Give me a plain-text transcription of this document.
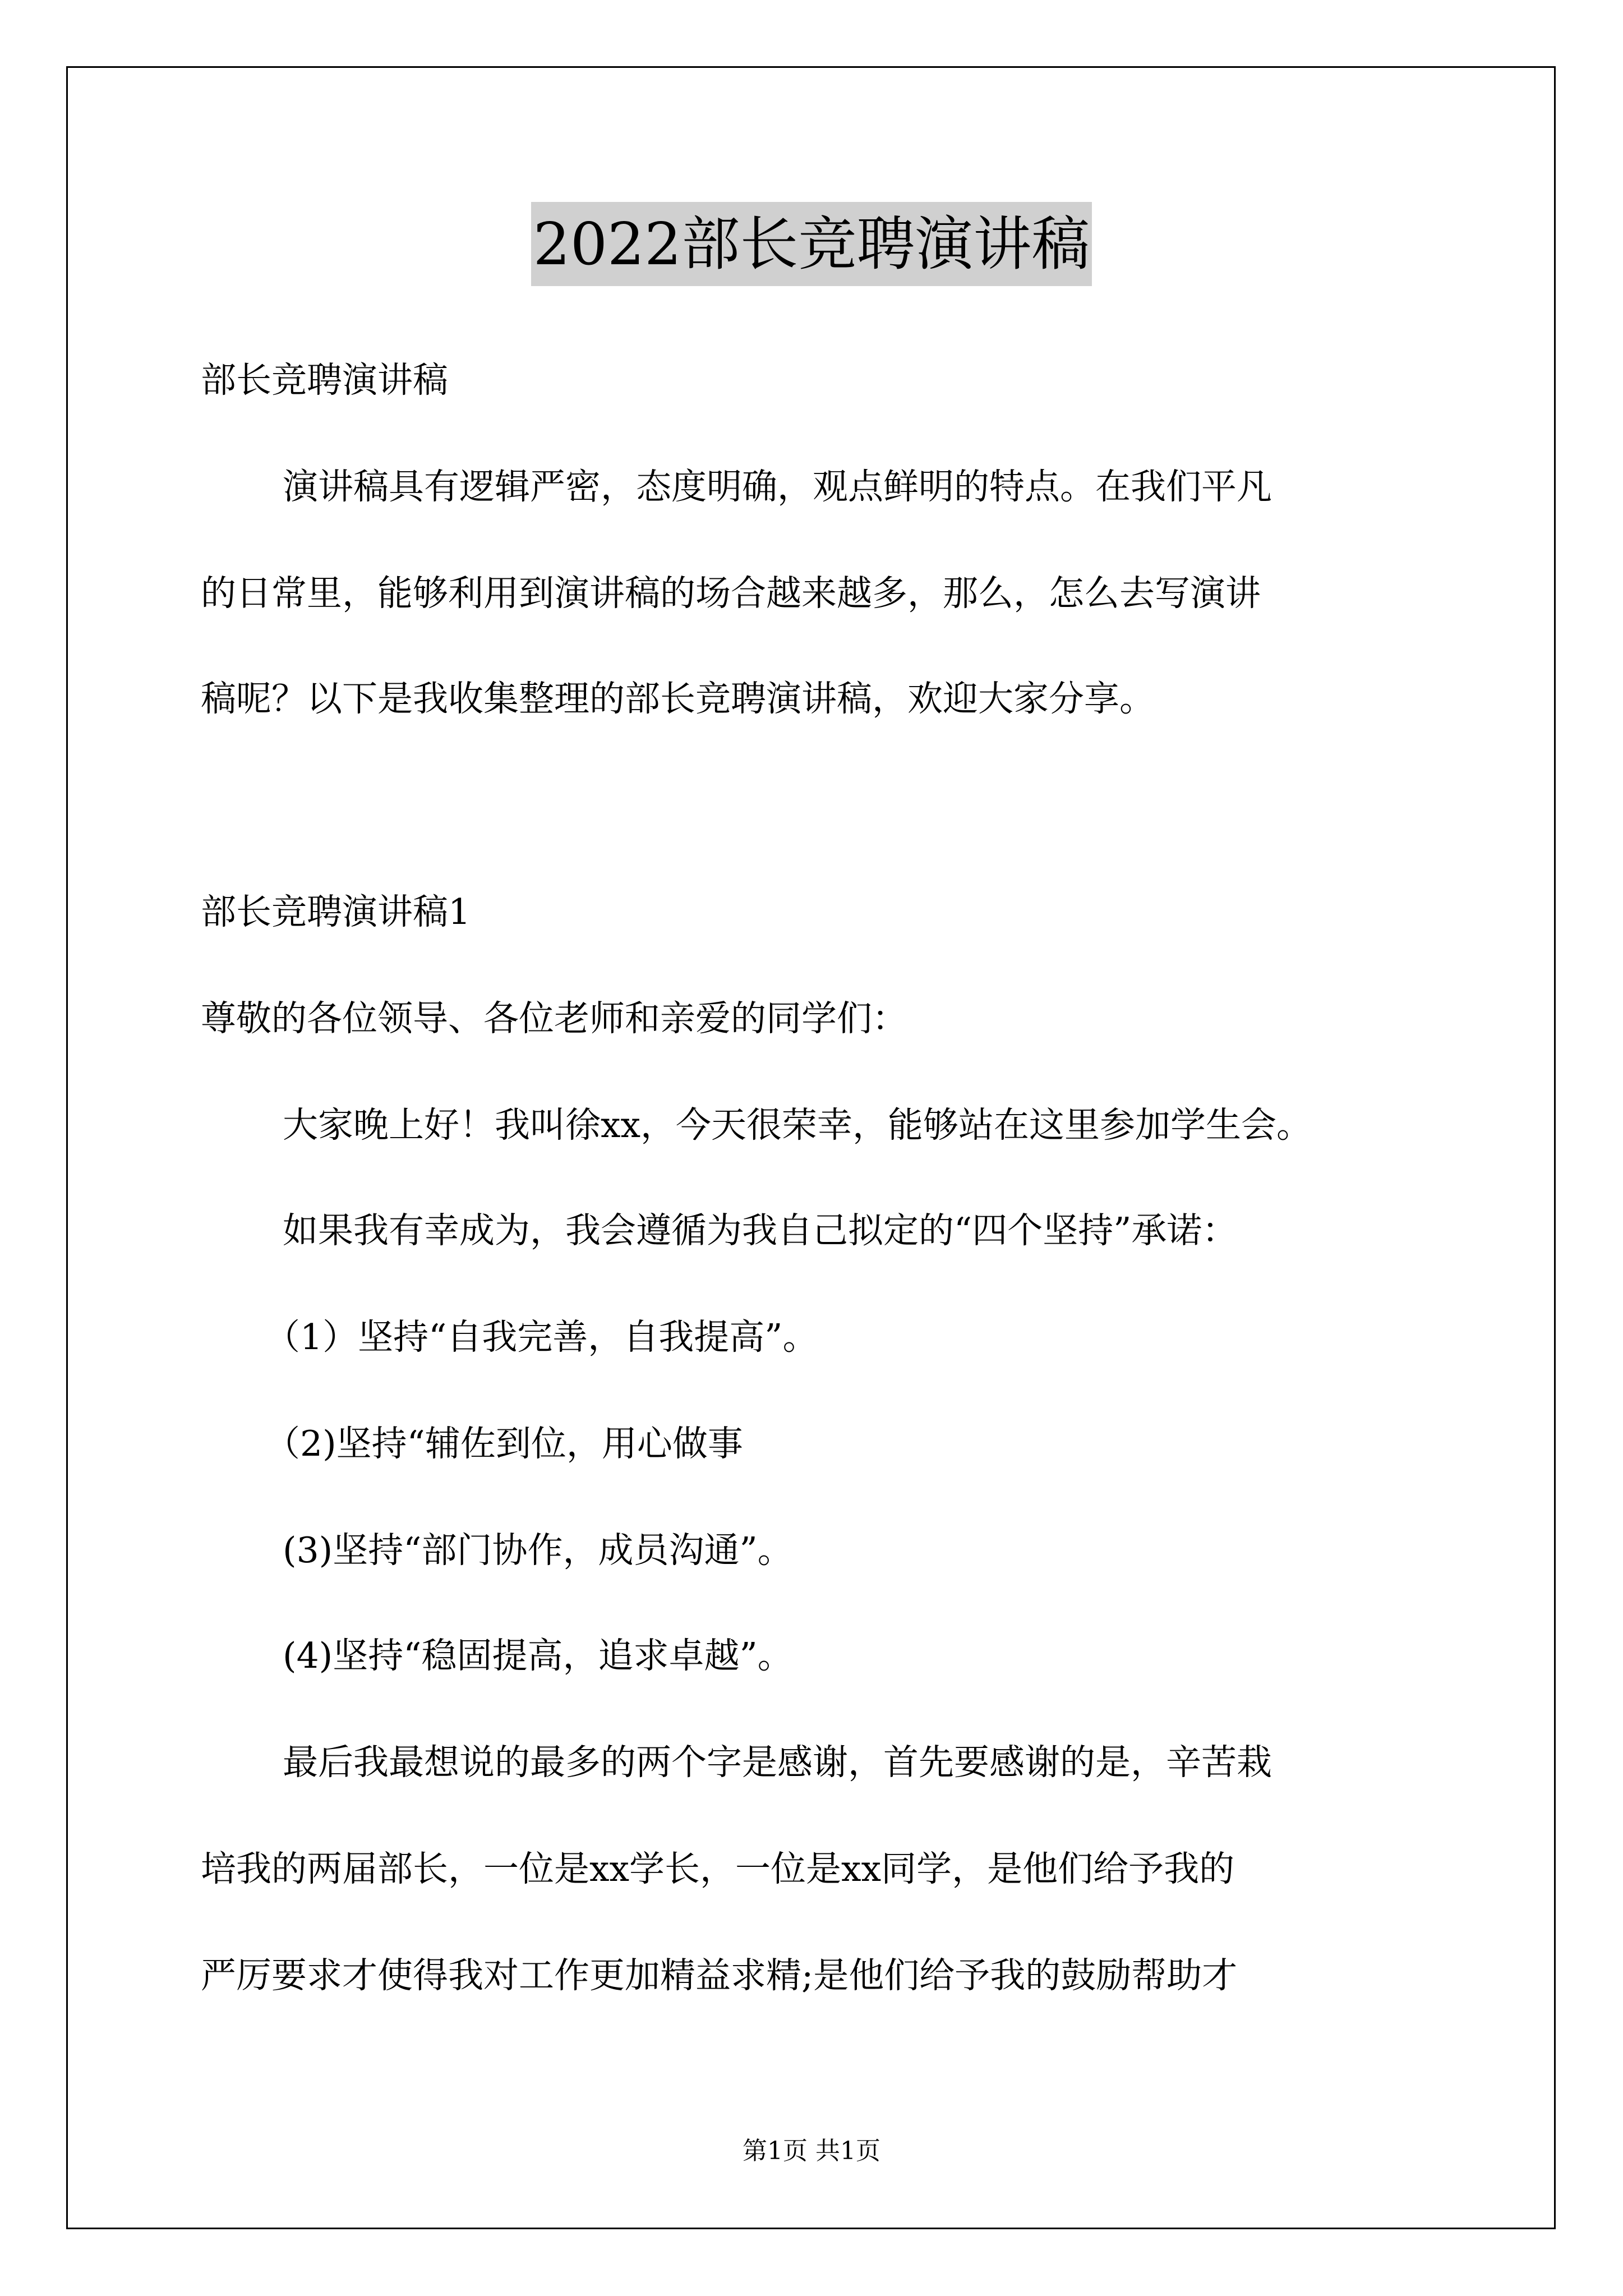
2022部长竞聘演讲稿
部长竞聘演讲稿
演讲稿具有逻辑严密，态度明确，观点鲜明的特点。在我们平凡
的日常里，能够利用到演讲稿的场合越来越多，那么，怎么去写演讲
稿呢？以下是我收集整理的部长竞聘演讲稿，欢迎大家分享。
部长竞聘演讲稿1
尊敬的各位领导、各位老师和亲爱的同学们：
大家晚上好！我叫徐xx，今天很荣幸，能够站在这里参加学生会。
如果我有幸成为，我会遵循为我自己拟定的“四个坚持”承诺：
（1）坚持“自我完善，自我提高”。
（2)坚持“辅佐到位，用心做事
(3)坚持“部门协作，成员沟通”。
(4)坚持“稳固提高，追求卓越”。
最后我最想说的最多的两个字是感谢，首先要感谢的是，辛苦栽
培我的两届部长，一位是xx学长，一位是xx同学，是他们给予我的
严厉要求才使得我对工作更加精益求精;是他们给予我的鼓励帮助才
第1页 共1页
